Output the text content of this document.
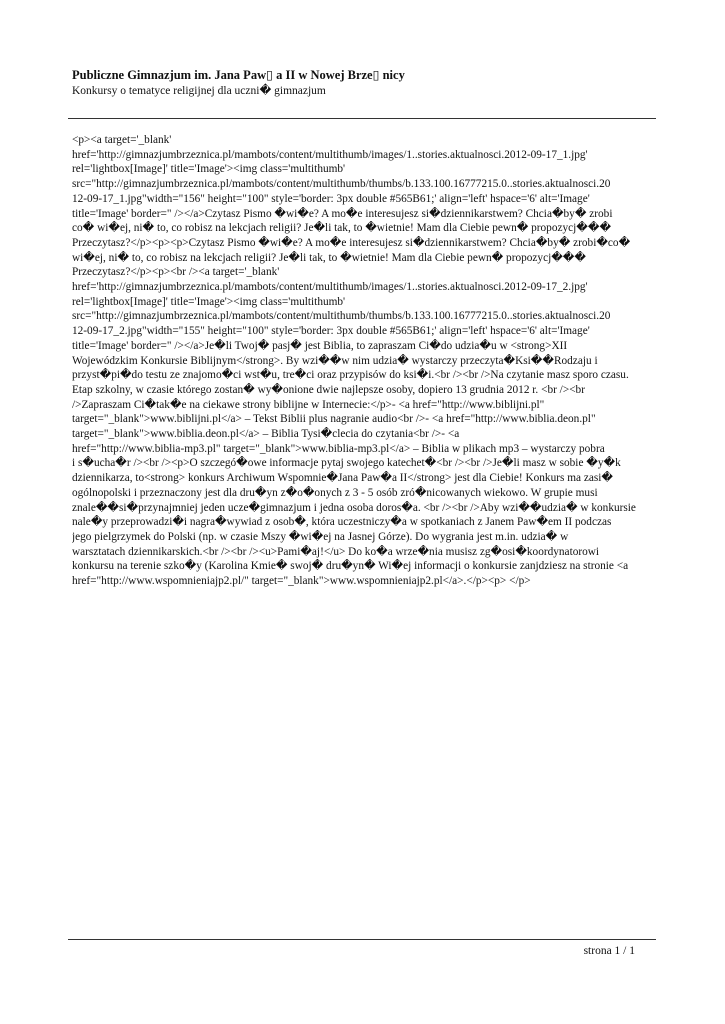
Publiczne Gimnazjum im. Jana Paw▯ a II w Nowej Brze▯ nicy
Konkursy o tematyce religijnej dla uczni� gimnazjum
<p><a target='_blank'
href='http://gimnazjumbrzeznica.pl/mambots/content/multithumb/images/1..stories.aktualnosci.2012-09-17_1.jpg'
rel='lightbox[Image]' title='Image'><img class='multithumb'
src="http://gimnazjumbrzeznica.pl/mambots/content/multithumb/thumbs/b.133.100.16777215.0..stories.aktualnosci.20
12-09-17_1.jpg"width="156" height="100" style='border: 3px double #565B61;' align='left' hspace='6' alt='Image'
title='Image' border=" /></a>Czytasz Pismo �wi�e? A mo�e interesujesz si�dziennikarstwem? Chcia�by� zrobi
co� wi�ej, ni� to, co robisz na lekcjach religii? Je�li tak, to �wietnie! Mam dla Ciebie pewn� propozycj���
Przeczytasz?</p><p><p>Czytasz Pismo �wi�e? A mo�e interesujesz si�dziennikarstwem? Chcia�by� zrobi�co�
wi�ej, ni� to, co robisz na lekcjach religii? Je�li tak, to �wietnie! Mam dla Ciebie pewn� propozycj���
Przeczytasz?</p><p><br /><a target='_blank'
href='http://gimnazjumbrzeznica.pl/mambots/content/multithumb/images/1..stories.aktualnosci.2012-09-17_2.jpg'
rel='lightbox[Image]' title='Image'><img class='multithumb'
src="http://gimnazjumbrzeznica.pl/mambots/content/multithumb/thumbs/b.133.100.16777215.0..stories.aktualnosci.20
12-09-17_2.jpg"width="155" height="100" style='border: 3px double #565B61;' align='left' hspace='6' alt='Image'
title='Image' border=" /></a>Je�li Twoj� pasj� jest Biblia, to zapraszam Ci�do udzia�u w <strong>XII
Wojewódzkim Konkursie Biblijnym</strong>. By wzi��w nim udzia� wystarczy przeczyta�Ksi��Rodzaju i
przyst�pi�do testu ze znajomo�ci wst�u, tre�ci oraz przypisów do ksi�i.<br /><br />Na czytanie masz sporo czasu.
Etap szkolny, w czasie którego zostan� wy�onione dwie najlepsze osoby, dopiero 13 grudnia 2012 r. <br /><br
/>Zapraszam Ci�tak�e na ciekawe strony biblijne w Internecie:</p>- <a href="http://www.biblijni.pl"
target="_blank">www.biblijni.pl</a> – Tekst Biblii plus nagranie audio<br />- <a href="http://www.biblia.deon.pl"
target="_blank">www.biblia.deon.pl</a> – Biblia Tysi�clecia do czytania<br />- <a
href="http://www.biblia-mp3.pl" target="_blank">www.biblia-mp3.pl</a> – Biblia w plikach mp3 – wystarczy pobra
i s�ucha�r /><br /><p>O szczegó�owe informacje pytaj swojego katechet�<br /><br />Je�li masz w sobie �y�k
dziennikarza, to<strong> konkurs Archiwum Wspomnie�Jana Paw�a II</strong> jest dla Ciebie! Konkurs ma zasi�
ogólnopolski i przeznaczony jest dla dru�yn z�o�onych z 3 - 5 osób zró�nicowanych wiekowo. W grupie musi
znale��si�przynajmniej jeden ucze�gimnazjum i jedna osoba doros�a. <br /><br />Aby wzi��udzia� w konkursie
nale�y przeprowadzi�i nagra�wywiad z osob�, która uczestniczy�a w spotkaniach z Janem Paw�em II podczas
jego pielgrzymek do Polski (np. w czasie Mszy �wi�ej na Jasnej Górze). Do wygrania jest m.in. udzia� w
warsztatach dziennikarskich.<br /><br /><u>Pami�aj!</u> Do ko�a wrze�nia musisz zg�osi�koordynatorowi
konkursu na terenie szko�y (Karolina Kmie� swoj� dru�yn� Wi�ej informacji o konkursie zanjdziesz na stronie <a
href="http://www.wspomnieniajp2.pl/" target="_blank">www.wspomnieniajp2.pl</a>.</p><p> </p>
strona 1 / 1
